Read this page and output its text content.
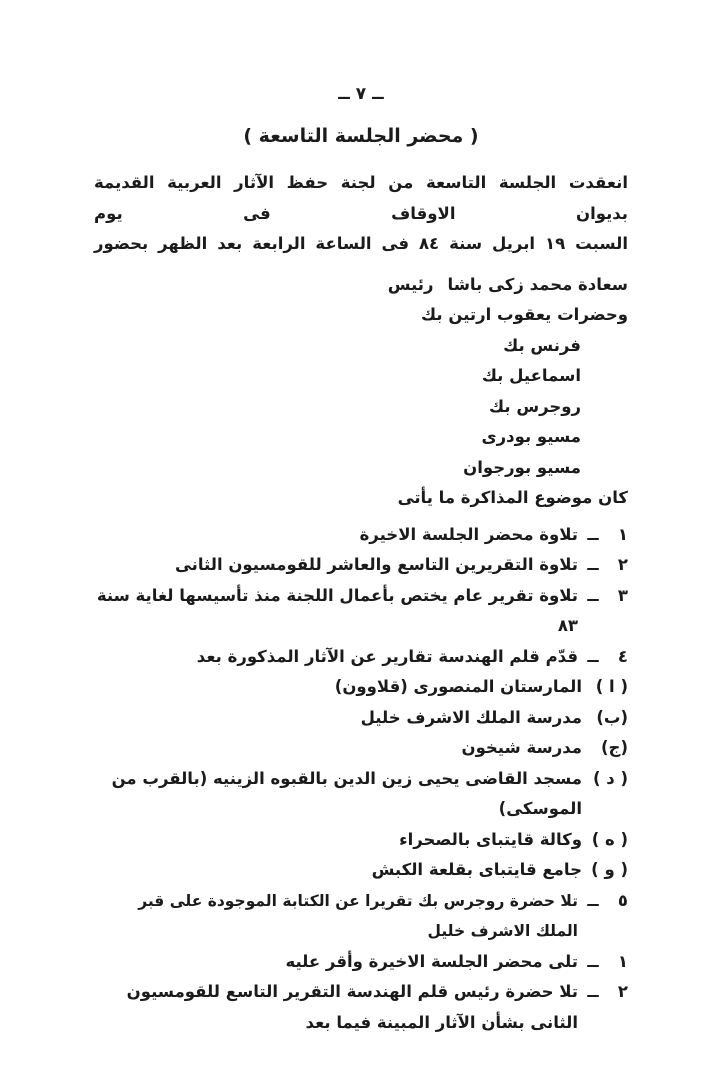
ــ ٧ ــ
( محضر الجلسة التاسعة )
انعقدت الجلسة التاسعة من لجنة حفظ الآثار العربية القديمة بديوان الاوقاف فى يوم
السبت ١٩ ابريل سنة ٨٤ فى الساعة الرابعة بعد الظهر بحضور
سعادة محمد زكى باشارئيس
وحضرات يعقوب ارتين بك
فرنس بك
اسماعيل بك
روجرس بك
مسيو بودرى
مسيو بورجوان
كان موضوع المذاكرة ما يأتى
١
ــ
تلاوة محضر الجلسة الاخيرة
٢
ــ
تلاوة التقريرين التاسع والعاشر للقومسيون الثانى
٣
ــ
تلاوة تقرير عام يختص بأعمال اللجنة منذ تأسيسها لغاية سنة ٨٣
٤
ــ
قدّم قلم الهندسة تقارير عن الآثار المذكورة بعد
( ا )
المارستان المنصورى (قلاوون)
(ب)
مدرسة الملك الاشرف خليل
(ج)
مدرسة شيخون
( د )
مسجد القاضى يحيى زين الدين بالقبوه الزينيه (بالقرب من الموسكى)
( ه )
وكالة قايتباى بالصحراء
( و )
جامع قايتباى بقلعة الكبش
٥
ــ
تلا حضرة روجرس بك تقريرا عن الكتابة الموجودة على قبر الملك الاشرف خليل
١
ــ
تلى محضر الجلسة الاخيرة وأقر عليه
٢
ــ
تلا حضرة رئيس قلم الهندسة التقرير التاسع للقومسيون الثانى بشأن الآثار المبينة فيما بعد
